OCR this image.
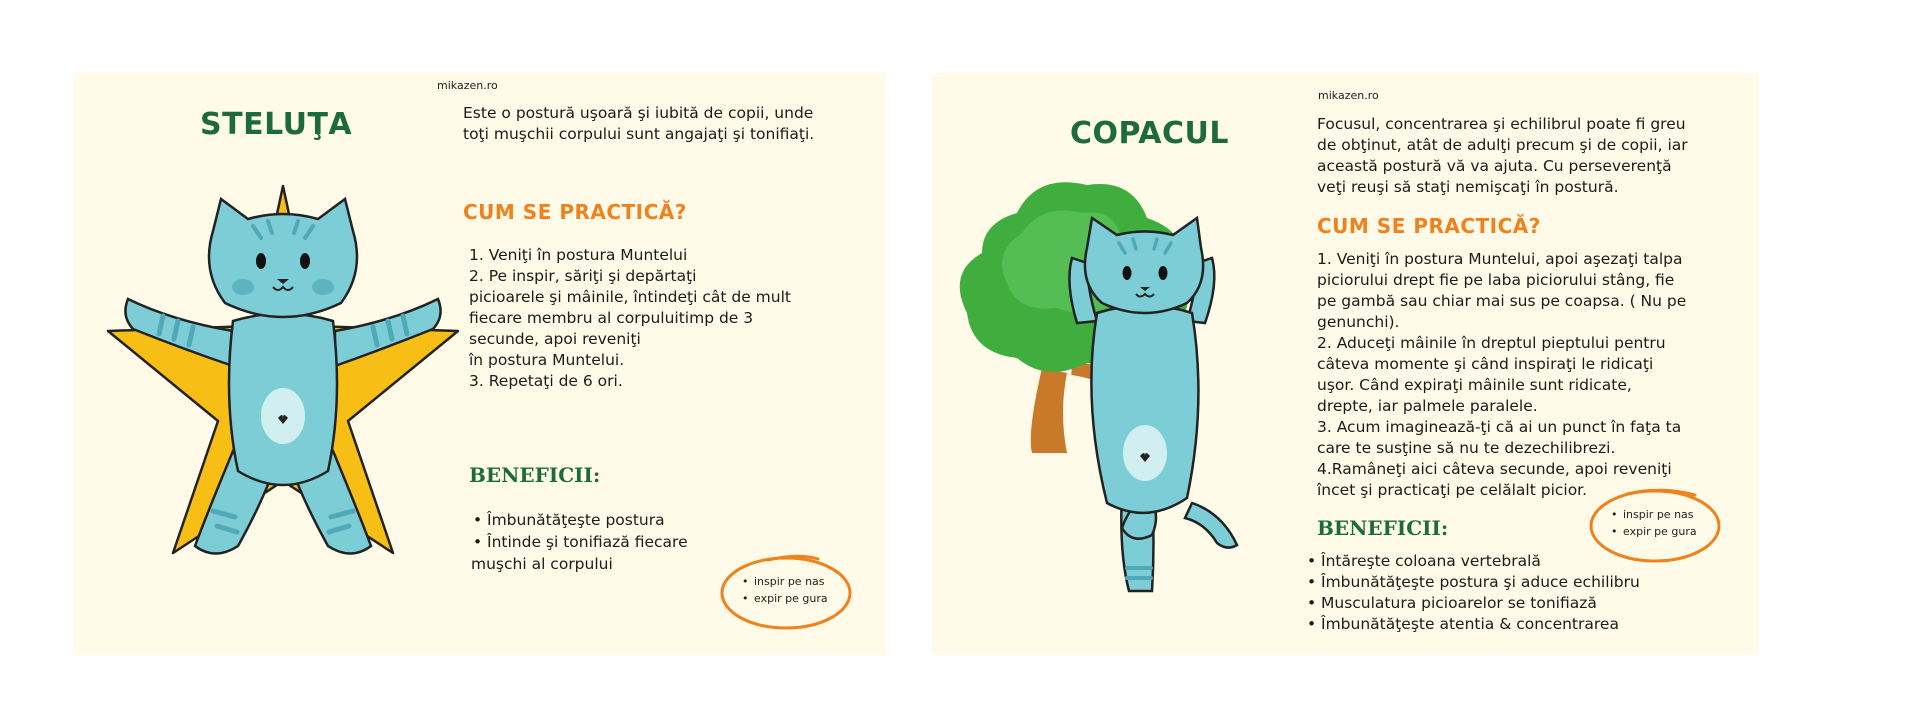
mikazen.ro
STELUŢA	Este o postură uşoară şi iubită de copii, unde
toţi muşchii corpului sunt angajaţi şi tonifiaţi.

CUM SE PRACTICĂ?
1. Veniţi în postura Muntelui
2. Pe inspir, săriţi şi depărtaţi
picioarele şi mâinile, întindeţi cât de mult
fiecare membru al corpuluitimp de 3
secunde, apoi reveniţi
în postura Muntelui.
3. Repetaţi de 6 ori.
BENEFICII:
• Îmbunătăţeşte postura
• Întinde şi tonifiază fiecare
muşchi al corpului
• inspir pe nas
• expir pe gura
mikazen.ro
COPACUL	Focusul, concentrarea şi echilibrul poate fi greu
de obţinut, atât de adulţi precum şi de copii, iar
această postură vă va ajuta. Cu perseverenţă
veţi reuşi să staţi nemişcaţi în postură.

CUM SE PRACTICĂ?
1. Veniţi în postura Muntelui, apoi aşezaţi talpa
piciorului drept fie pe laba piciorului stâng, fie
pe gambă sau chiar mai sus pe coapsa. ( Nu pe
genunchi).
2. Aduceţi mâinile în dreptul pieptului pentru
câteva momente şi când inspiraţi le ridicaţi
uşor. Când expiraţi mâinile sunt ridicate,
drepte, iar palmele paralele.
3. Acum imaginează-ţi că ai un punct în faţa ta
care te susţine să nu te dezechilibrezi.
4.Ramâneţi aici câteva secunde, apoi reveniţi
încet şi practicaţi pe celălalt picior.
BENEFICII:
• Întăreşte coloana vertebrală
• Îmbunătăţeşte postura şi aduce echilibru
• Musculatura picioarelor se tonifiază
• Îmbunătăţeşte atentia & concentrarea
• inspir pe nas
• expir pe gura
